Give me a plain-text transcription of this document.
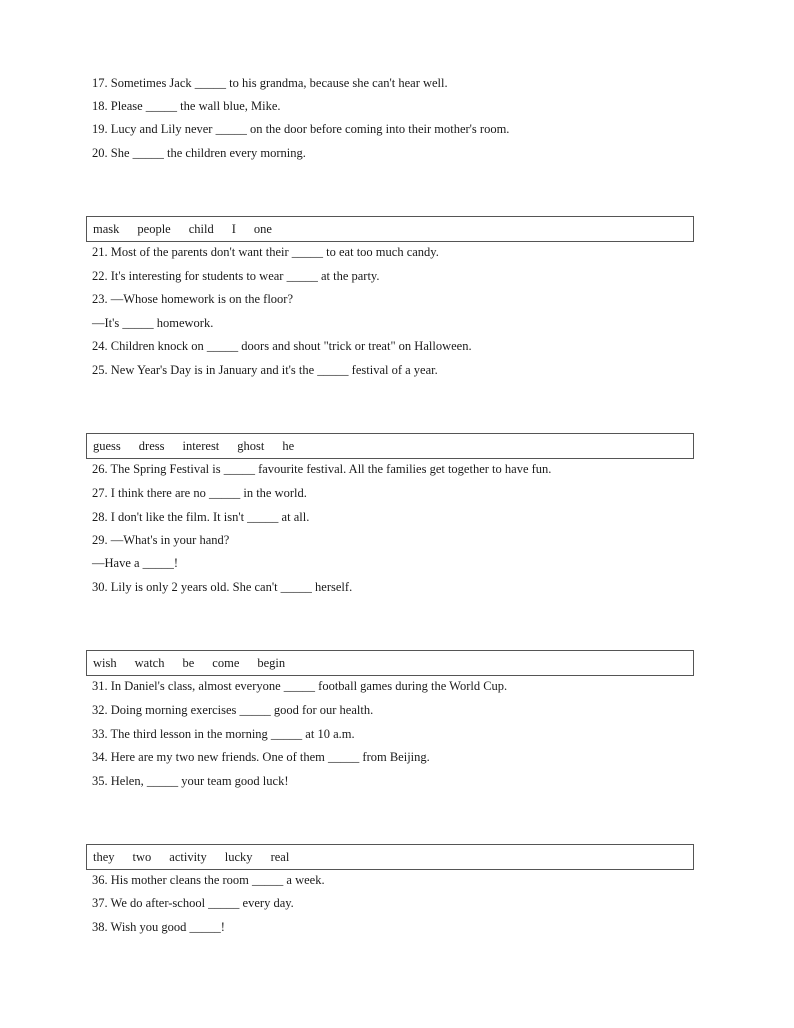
17. Sometimes Jack _____ to his grandma, because she can't hear well.
18. Please _____ the wall blue, Mike.
19. Lucy and Lily never _____ on the door before coming into their mother's room.
20. She _____ the children every morning.
mask people child I one
21. Most of the parents don't want their _____ to eat too much candy.
22. It's interesting for students to wear _____ at the party.
23. —Whose homework is on the floor?
—It's _____ homework.
24. Children knock on _____ doors and shout "trick or treat" on Halloween.
25. New Year's Day is in January and it's the _____ festival of a year.
guess dress interest ghost he
26. The Spring Festival is _____ favourite festival. All the families get together to have fun.
27. I think there are no _____ in the world.
28. I don't like the film. It isn't _____ at all.
29. —What's in your hand?
—Have a _____!
30. Lily is only 2 years old. She can't _____ herself.
wish watch be come begin
31. In Daniel's class, almost everyone _____ football games during the World Cup.
32. Doing morning exercises _____ good for our health.
33. The third lesson in the morning _____ at 10 a.m.
34. Here are my two new friends. One of them _____ from Beijing.
35. Helen, _____ your team good luck!
they two activity lucky real
36. His mother cleans the room _____ a week.
37. We do after-school _____ every day.
38. Wish you good _____!
